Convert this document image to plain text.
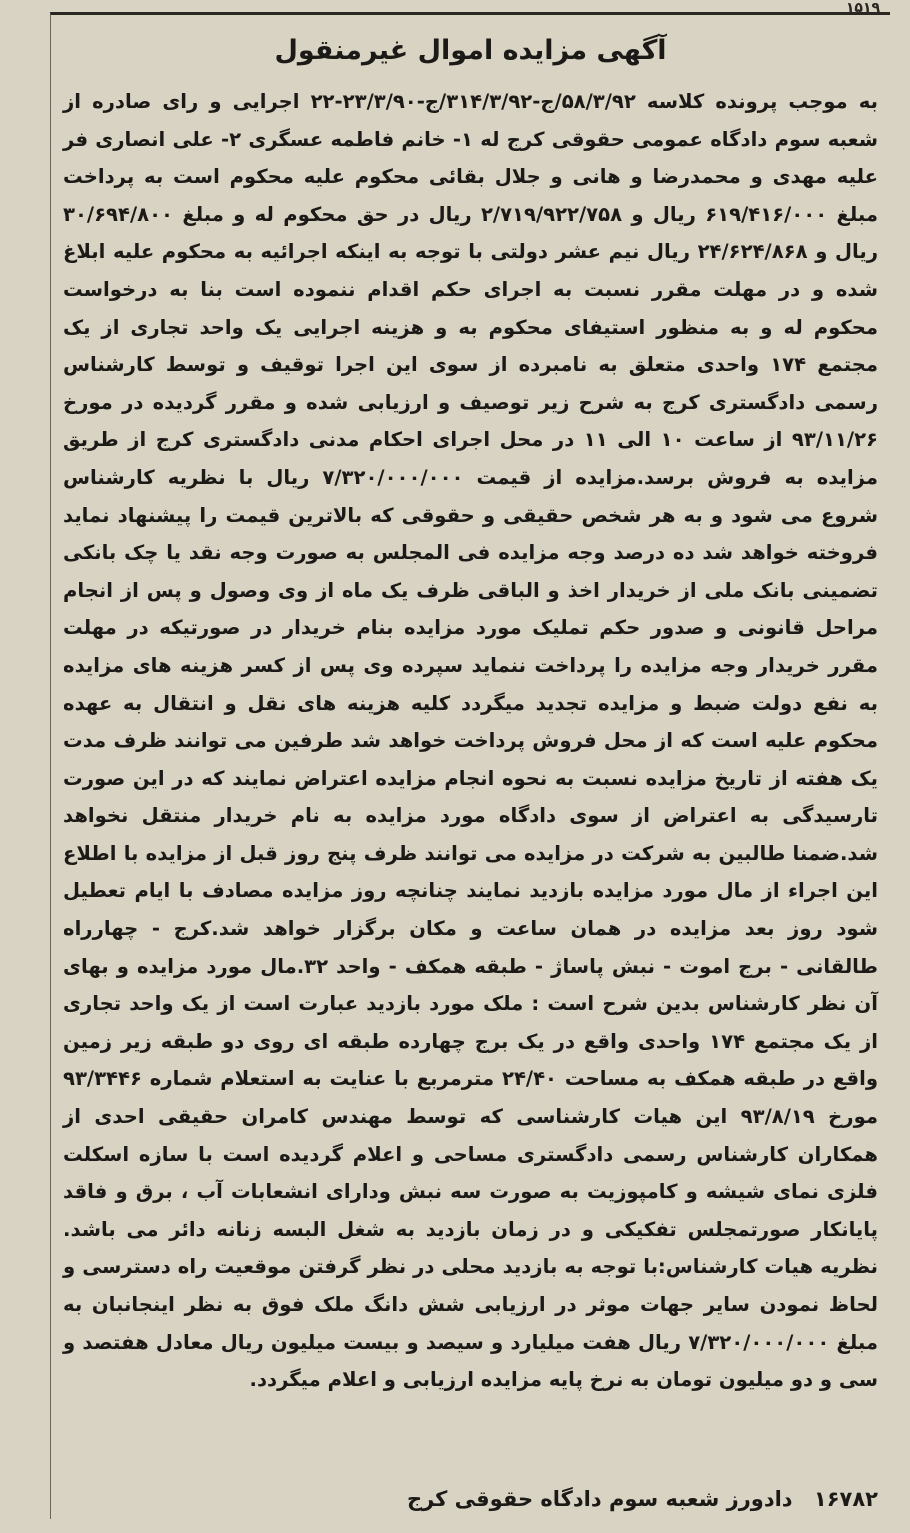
۱۵۱۹
آگهی مزایده اموال غیرمنقول

به موجب پرونده کلاسه ۵۸/۳/۹۲/ج-۳۱۴/۳/۹۲/ج-۲۳/۳/۹۰-۲۲ اجرایی و رای صادره از شعبه سوم دادگاه عمومی حقوقی کرج له ۱- خانم فاطمه عسگری ۲- علی انصاری فر علیه مهدی و محمدرضا و هانی و جلال بقائی محکوم علیه محکوم است به پرداخت مبلغ ۶۱۹/۴۱۶/۰۰۰ ریال و ۲/۷۱۹/۹۲۲/۷۵۸ ریال در حق محکوم له و مبلغ ۳۰/۶۹۴/۸۰۰ ریال و ۲۴/۶۲۴/۸۶۸ ریال نیم عشر دولتی با توجه به اینکه اجرائیه به محکوم علیه ابلاغ شده و در مهلت مقرر نسبت به اجرای حکم اقدام ننموده است بنا به درخواست محکوم له و به منظور استیفای محکوم به و هزینه اجرایی یک واحد تجاری از یک مجتمع ۱۷۴ واحدی متعلق به نامبرده از سوی این اجرا توقیف و توسط کارشناس رسمی دادگستری کرج به شرح زیر توصیف و ارزیابی شده و مقرر گردیده در مورخ ۹۳/۱۱/۲۶ از ساعت ۱۰ الی ۱۱ در محل اجرای احکام مدنی دادگستری کرج از طریق مزایده به فروش برسد.مزایده از قیمت ۷/۳۲۰/۰۰۰/۰۰۰ ریال با نظریه کارشناس شروع می شود و به هر شخص حقیقی و حقوقی که بالاترین قیمت را پیشنهاد نماید فروخته خواهد شد ده درصد وجه مزایده فی المجلس به صورت وجه نقد یا چک بانکی تضمینی بانک ملی از خریدار اخذ و الباقی ظرف یک ماه از وی وصول و پس از انجام مراحل قانونی و صدور حکم تملیک مورد مزایده بنام خریدار در صورتیکه در مهلت مقرر خریدار وجه مزایده را پرداخت ننماید سپرده وی پس از کسر هزینه های مزایده به نفع دولت ضبط و مزایده تجدید میگردد کلیه هزینه های نقل و انتقال به عهده محکوم علیه است که از محل فروش پرداخت خواهد شد طرفین می توانند ظرف مدت یک هفته از تاریخ مزایده نسبت به نحوه انجام مزایده اعتراض نمایند که در این صورت تارسیدگی به اعتراض از سوی دادگاه مورد مزایده به نام خریدار منتقل نخواهد شد.ضمنا طالبین به شرکت در مزایده می توانند ظرف پنج روز قبل از مزایده با اطلاع این اجراء از مال مورد مزایده بازدید نمایند چنانچه روز مزایده مصادف با ایام تعطیل شود روز بعد مزایده در همان ساعت و مکان برگزار خواهد شد.کرج - چهارراه طالقانی - برج اموت - نبش پاساژ - طبقه همکف - واحد ۳۲.مال مورد مزایده و بهای آن نظر کارشناس بدین شرح است : ملک مورد بازدید عبارت است از یک واحد تجاری از یک مجتمع ۱۷۴ واحدی واقع در یک برج چهارده طبقه ای روی دو طبقه زیر زمین واقع در طبقه همکف به مساحت ۲۴/۴۰ مترمربع با عنایت به استعلام شماره ۹۳/۳۴۴۶ مورخ ۹۳/۸/۱۹ این هیات کارشناسی که توسط مهندس کامران حقیقی احدی از همکاران کارشناس رسمی دادگستری مساحی و اعلام گردیده است با سازه اسکلت فلزی نمای شیشه و کامپوزیت به صورت سه نبش ودارای انشعابات آب ، برق و فاقد پایانکار صورتمجلس تفکیکی و در زمان بازدید به شغل البسه زنانه دائر می باشد. نظریه هیات کارشناس:با توجه به بازدید محلی در نظر گرفتن موقعیت راه دسترسی و لحاظ نمودن سایر جهات موثر در ارزیابی شش دانگ ملک فوق به نظر اینجانبان به مبلغ ۷/۳۲۰/۰۰۰/۰۰۰ ریال هفت میلیارد و سیصد و بیست میلیون ریال معادل هفتصد و سی و دو میلیون تومان به نرخ پایه مزایده ارزیابی و اعلام میگردد.

۱۶۷۸۲ دادورز شعبه سوم دادگاه حقوقی کرج
